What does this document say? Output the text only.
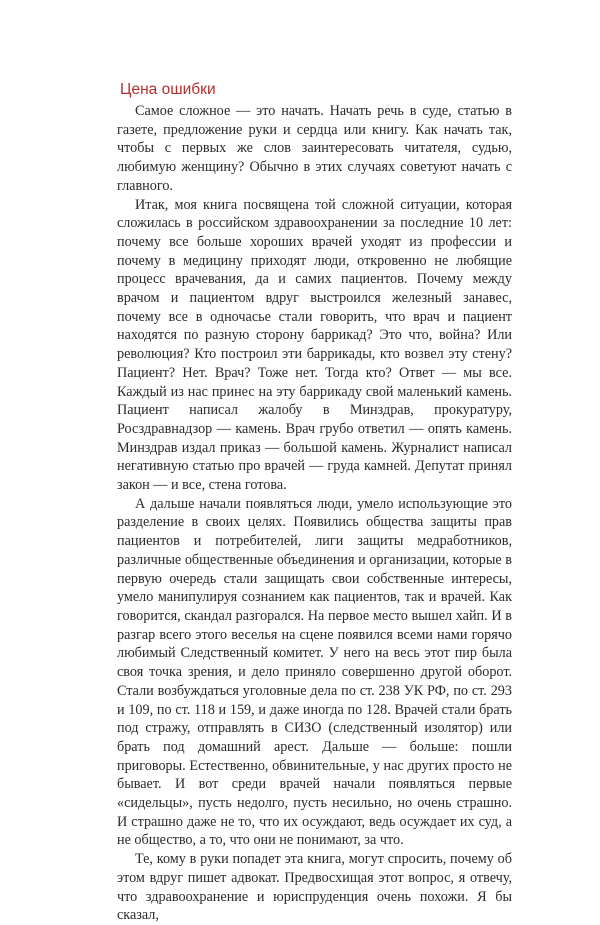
Цена ошибки

Самое сложное — это начать. Начать речь в суде, статью в газете, предложение руки и сердца или книгу. Как начать так, чтобы с первых же слов заинтересовать читателя, судью, любимую женщину? Обычно в этих случаях советуют начать с главного.

Итак, моя книга посвящена той сложной ситуации, которая сложилась в российском здравоохранении за последние 10 лет: почему все больше хороших врачей уходят из профессии и почему в медицину приходят люди, откровенно не любящие процесс врачевания, да и самих пациентов. Почему между врачом и пациентом вдруг выстроился железный занавес, почему все в одночасье стали говорить, что врач и пациент находятся по разную сторону баррикад? Это что, война? Или революция? Кто построил эти баррикады, кто возвел эту стену? Пациент? Нет. Врач? Тоже нет. Тогда кто? Ответ — мы все. Каждый из нас принес на эту баррикаду свой маленький камень. Пациент написал жалобу в Минздрав, прокуратуру, Росздравнадзор — камень. Врач грубо ответил — опять камень. Минздрав издал приказ — большой камень. Журналист написал негативную статью про врачей — груда камней. Депутат принял закон — и все, стена готова.

А дальше начали появляться люди, умело использующие это разделение в своих целях. Появились общества защиты прав пациентов и потребителей, лиги защиты медработников, различные общественные объединения и организации, которые в первую очередь стали защищать свои собственные интересы, умело манипулируя сознанием как пациентов, так и врачей. Как говорится, скандал разгорался. На первое место вышел хайп. И в разгар всего этого веселья на сцене появился всеми нами горячо любимый Следственный комитет. У него на весь этот пир была своя точка зрения, и дело приняло совершенно другой оборот. Стали возбуждаться уголовные дела по ст. 238 УК РФ, по ст. 293 и 109, по ст. 118 и 159, и даже иногда по 128. Врачей стали брать под стражу, отправлять в СИЗО (следственный изолятор) или брать под домашний арест. Дальше — больше: пошли приговоры. Естественно, обвинительные, у нас других просто не бывает. И вот среди врачей начали появляться первые «сидельцы», пусть недолго, пусть несильно, но очень страшно. И страшно даже не то, что их осуждают, ведь осуждает их суд, а не общество, а то, что они не понимают, за что.

Те, кому в руки попадет эта книга, могут спросить, почему об этом вдруг пишет адвокат. Предвосхищая этот вопрос, я отвечу, что здравоохранение и юриспруденция очень похожи. Я бы сказал,
